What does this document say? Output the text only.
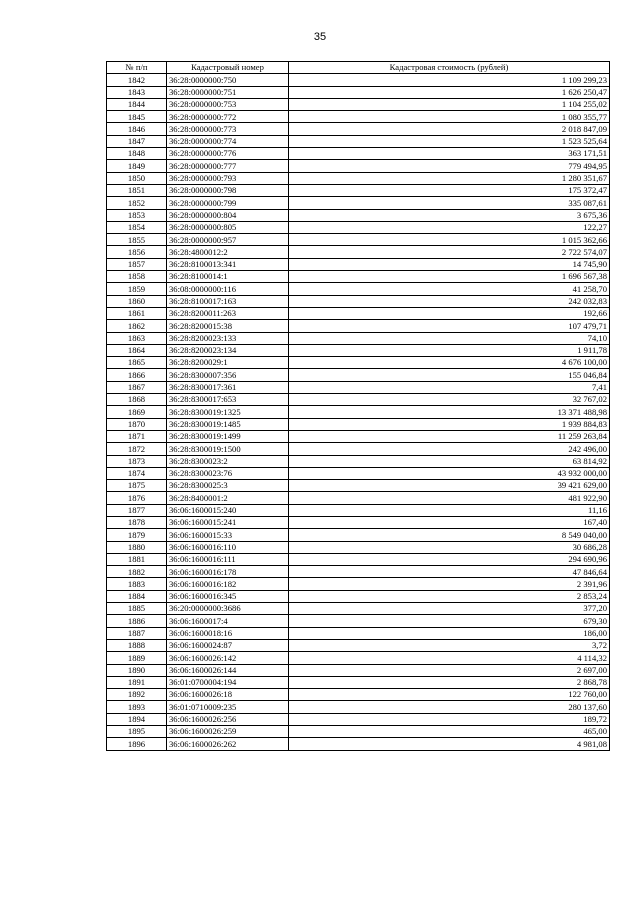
35
№ п/п	Кадастровый номер	Кадастровая стоимость (рублей)
1842	36:28:0000000:750	1 109 299,23
1843	36:28:0000000:751	1 626 250,47
1844	36:28:0000000:753	1 104 255,02
1845	36:28:0000000:772	1 080 355,77
1846	36:28:0000000:773	2 018 847,09
1847	36:28:0000000:774	1 523 525,64
1848	36:28:0000000:776	363 171,51
1849	36:28:0000000:777	779 494,95
1850	36:28:0000000:793	1 280 351,67
1851	36:28:0000000:798	175 372,47
1852	36:28:0000000:799	335 087,61
1853	36:28:0000000:804	3 675,36
1854	36:28:0000000:805	122,27
1855	36:28:0000000:957	1 015 362,66
1856	36:28:4800012:2	2 722 574,07
1857	36:28:8100013:341	14 745,90
1858	36:28:8100014:1	1 696 567,38
1859	36:08:0000000:116	41 258,70
1860	36:28:8100017:163	242 032,83
1861	36:28:8200011:263	192,66
1862	36:28:8200015:38	107 479,71
1863	36:28:8200023:133	74,10
1864	36:28:8200023:134	1 911,78
1865	36:28:8200029:1	4 676 100,00
1866	36:28:8300007:356	155 046,84
1867	36:28:8300017:361	7,41
1868	36:28:8300017:653	32 767,02
1869	36:28:8300019:1325	13 371 488,98
1870	36:28:8300019:1485	1 939 884,83
1871	36:28:8300019:1499	11 259 263,84
1872	36:28:8300019:1500	242 496,00
1873	36:28:8300023:2	63 814,92
1874	36:28:8300023:76	43 932 000,00
1875	36:28:8300025:3	39 421 629,00
1876	36:28:8400001:2	481 922,90
1877	36:06:1600015:240	11,16
1878	36:06:1600015:241	167,40
1879	36:06:1600015:33	8 549 040,00
1880	36:06:1600016:110	30 686,28
1881	36:06:1600016:111	294 690,96
1882	36:06:1600016:178	47 846,64
1883	36:06:1600016:182	2 391,96
1884	36:06:1600016:345	2 853,24
1885	36:20:0000000:3686	377,20
1886	36:06:1600017:4	679,30
1887	36:06:1600018:16	186,00
1888	36:06:1600024:87	3,72
1889	36:06:1600026:142	4 114,32
1890	36:06:1600026:144	2 697,00
1891	36:01:0700004:194	2 868,78
1892	36:06:1600026:18	122 760,00
1893	36:01:0710009:235	280 137,60
1894	36:06:1600026:256	189,72
1895	36:06:1600026:259	465,00
1896	36:06:1600026:262	4 981,08
